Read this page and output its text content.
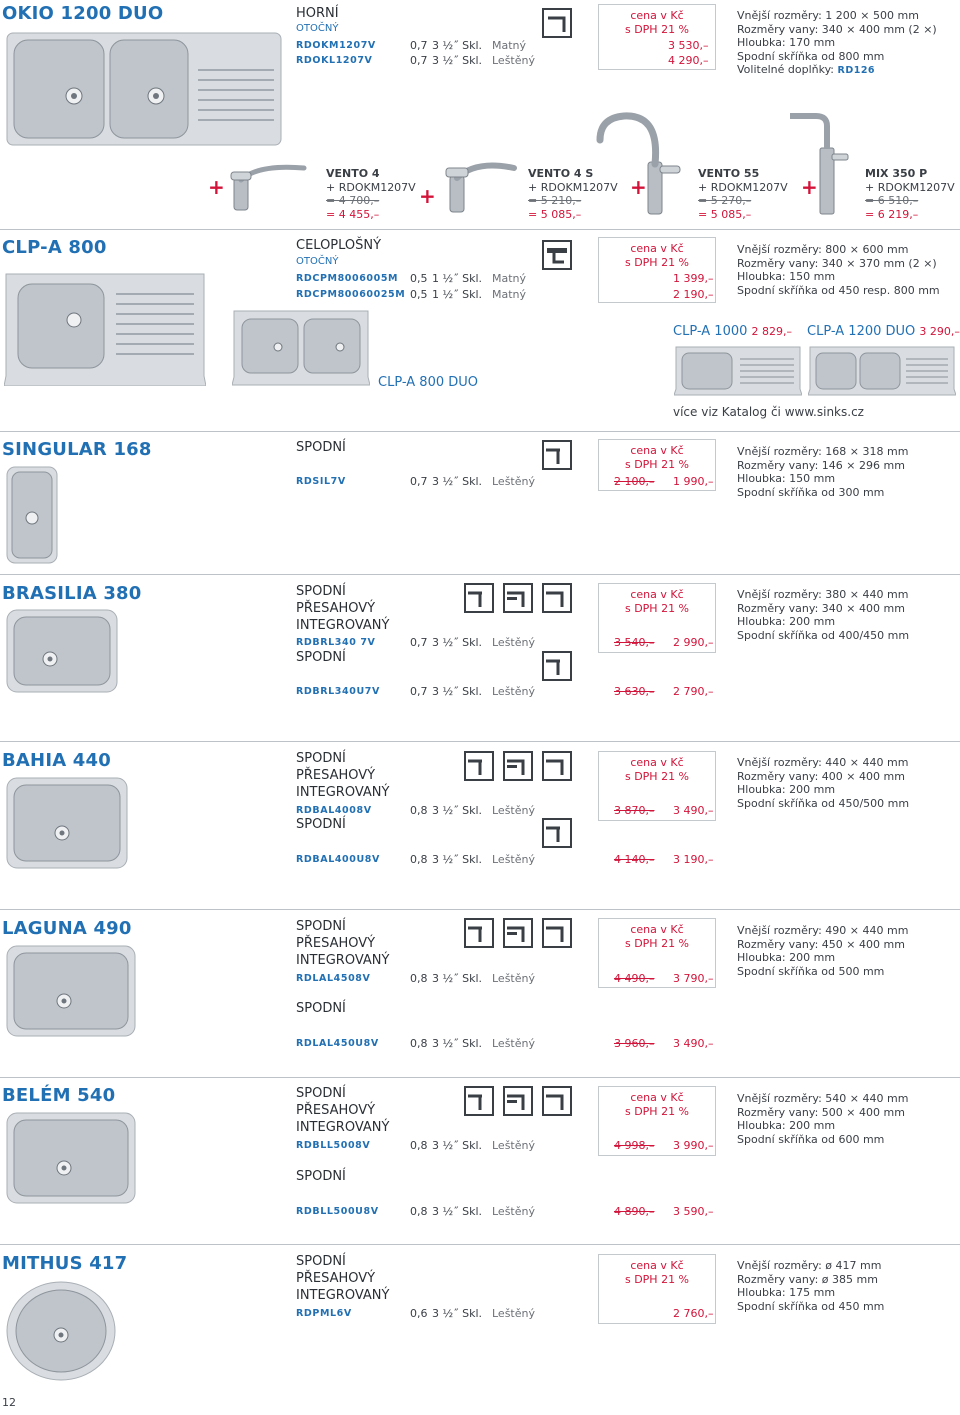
OKIO 1200 DUO	HORNÍ
OTOČNÝ
RDOKM1207V	0,7 3 ½˝ Skl. Matný
RDOKL1207V	0,7 3 ½˝ Skl. Leštěný
cena v Kč
s DPH 21 %
3 530,–
4 290,–
Vnější rozměry: 1 200 × 500 mm
Rozměry vany: 340 × 400 mm (2 ×)
Hloubka: 170 mm
Spodní skříňka od 800 mm
Volitelné doplňky: RD126
+
VENTO 4
+ RDOKM1207V
= 4 700,–
= 4 455,–
+
VENTO 4 S
+ RDOKM1207V
= 5 210,–
= 5 085,–
+
VENTO 55
+ RDOKM1207V
= 5 270,–
= 5 085,–
+
MIX 350 P
+ RDOKM1207V
= 6 510,–
= 6 219,–
CLP-A 800	CELOPLOŠNÝ
OTOČNÝ
RDCPM8006005M 0,5 1 ½˝ Skl. Matný
RDCPM80060025M 0,5 1 ½˝ Skl. Matný
cena v Kč
s DPH 21 %
1 399,–
2 190,–
Vnější rozměry: 800 × 600 mm
Rozměry vany: 340 × 370 mm (2 ×)
Hloubka: 150 mm
Spodní skříňka od 450 resp. 800 mm
CLP-A 800 DUO
CLP-A 1000 2 829,– CLP-A 1200 DUO 3 290,–
více viz Katalog či www.sinks.cz
SINGULAR 168	SPODNÍ
RDSIL7V	0,7 3 ½˝ Skl. Leštěný
cena v Kč
s DPH 21 %
2 100,– 1 990,–
Vnější rozměry: 168 × 318 mm
Rozměry vany: 146 × 296 mm
Hloubka: 150 mm
Spodní skříňka od 300 mm
BRASILIA 380	SPODNÍ
PŘESAHOVÝ
INTEGROVANÝ
RDBRL340 7V	0,7 3 ½˝ Skl. Leštěný
SPODNÍ
RDBRL340U7V	0,7 3 ½˝ Skl. Leštěný
cena v Kč
s DPH 21 %
3 540,– 2 990,–
3 630,– 2 790,–
Vnější rozměry: 380 × 440 mm
Rozměry vany: 340 × 400 mm
Hloubka: 200 mm
Spodní skříňka od 400/450 mm
BAHIA 440	SPODNÍ
PŘESAHOVÝ
INTEGROVANÝ
RDBAL4008V	0,8 3 ½˝ Skl. Leštěný
SPODNÍ
RDBAL400U8V	0,8 3 ½˝ Skl. Leštěný
cena v Kč
s DPH 21 %
3 870,– 3 490,–
4 140,– 3 190,–
Vnější rozměry: 440 × 440 mm
Rozměry vany: 400 × 400 mm
Hloubka: 200 mm
Spodní skříňka od 450/500 mm
LAGUNA 490	SPODNÍ
PŘESAHOVÝ
INTEGROVANÝ
RDLAL4508V	0,8 3 ½˝ Skl. Leštěný
SPODNÍ
RDLAL450U8V	0,8 3 ½˝ Skl. Leštěný
cena v Kč
s DPH 21 %
4 490,– 3 790,–
3 960,– 3 490,–
Vnější rozměry: 490 × 440 mm
Rozměry vany: 450 × 400 mm
Hloubka: 200 mm
Spodní skříňka od 500 mm
BELÉM 540	SPODNÍ
PŘESAHOVÝ
INTEGROVANÝ
RDBLL5008V	0,8 3 ½˝ Skl. Leštěný
SPODNÍ
RDBLL500U8V	0,8 3 ½˝ Skl. Leštěný
cena v Kč
s DPH 21 %
4 998,– 3 990,–
4 890,– 3 590,–
Vnější rozměry: 540 × 440 mm
Rozměry vany: 500 × 400 mm
Hloubka: 200 mm
Spodní skříňka od 600 mm
MITHUS 417	SPODNÍ
PŘESAHOVÝ
INTEGROVANÝ
RDPML6V	0,6 3 ½˝ Skl. Leštěný
cena v Kč
s DPH 21 %
2 760,–
Vnější rozměry: ø 417 mm
Rozměry vany: ø 385 mm
Hloubka: 175 mm
Spodní skříňka od 450 mm
12
